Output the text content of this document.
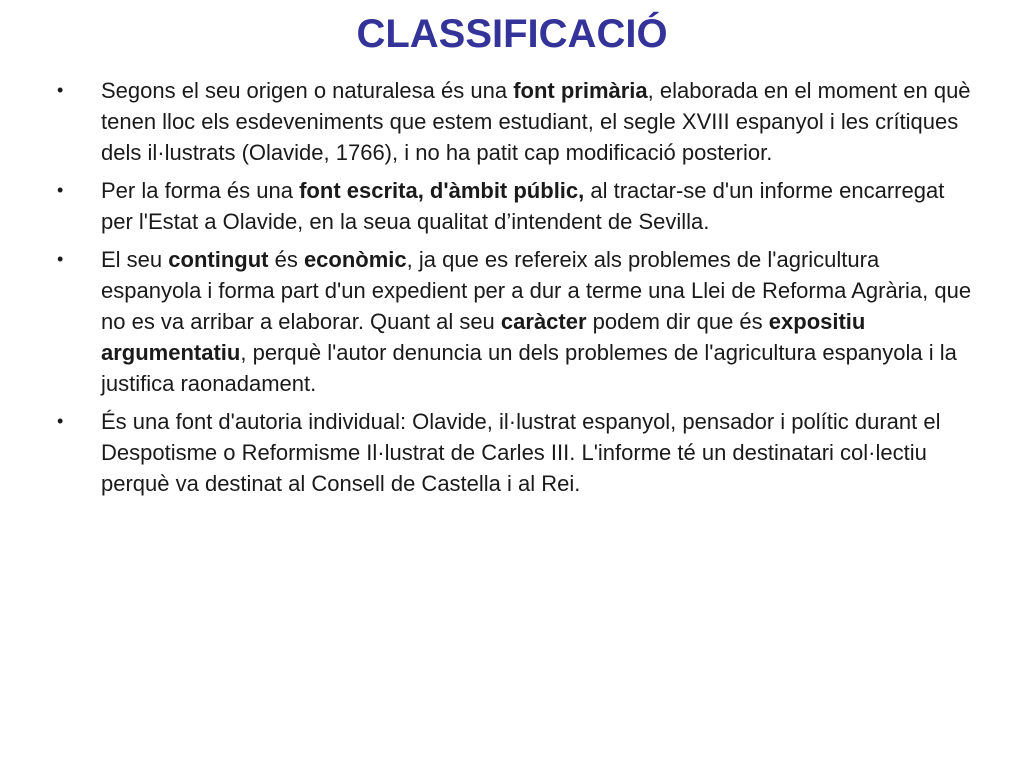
CLASSIFICACIÓ
•	Segons el seu origen o naturalesa és una font primària, elaborada en el moment en què tenen lloc els esdeveniments que estem estudiant, el segle XVIII espanyol i les crítiques dels il·lustrats (Olavide, 1766), i no ha patit cap modificació posterior.
•	Per la forma és una font escrita, d'àmbit públic, al tractar-se d'un informe encarregat per l'Estat a Olavide, en la seua qualitat d’intendent de Sevilla.
•	El seu contingut és econòmic, ja que es refereix als problemes de l'agricultura espanyola i forma part d'un expedient per a dur a terme una Llei de Reforma Agrària, que no es va arribar a elaborar. Quant al seu caràcter podem dir que és expositiu argumentatiu, perquè l'autor denuncia un dels problemes de l'agricultura espanyola i la justifica raonadament.
•	És una font d'autoria individual: Olavide, il·lustrat espanyol, pensador i polític durant el Despotisme o Reformisme Il·lustrat de Carles III. L'informe té un destinatari col·lectiu perquè va destinat al Consell de Castella i al Rei.
